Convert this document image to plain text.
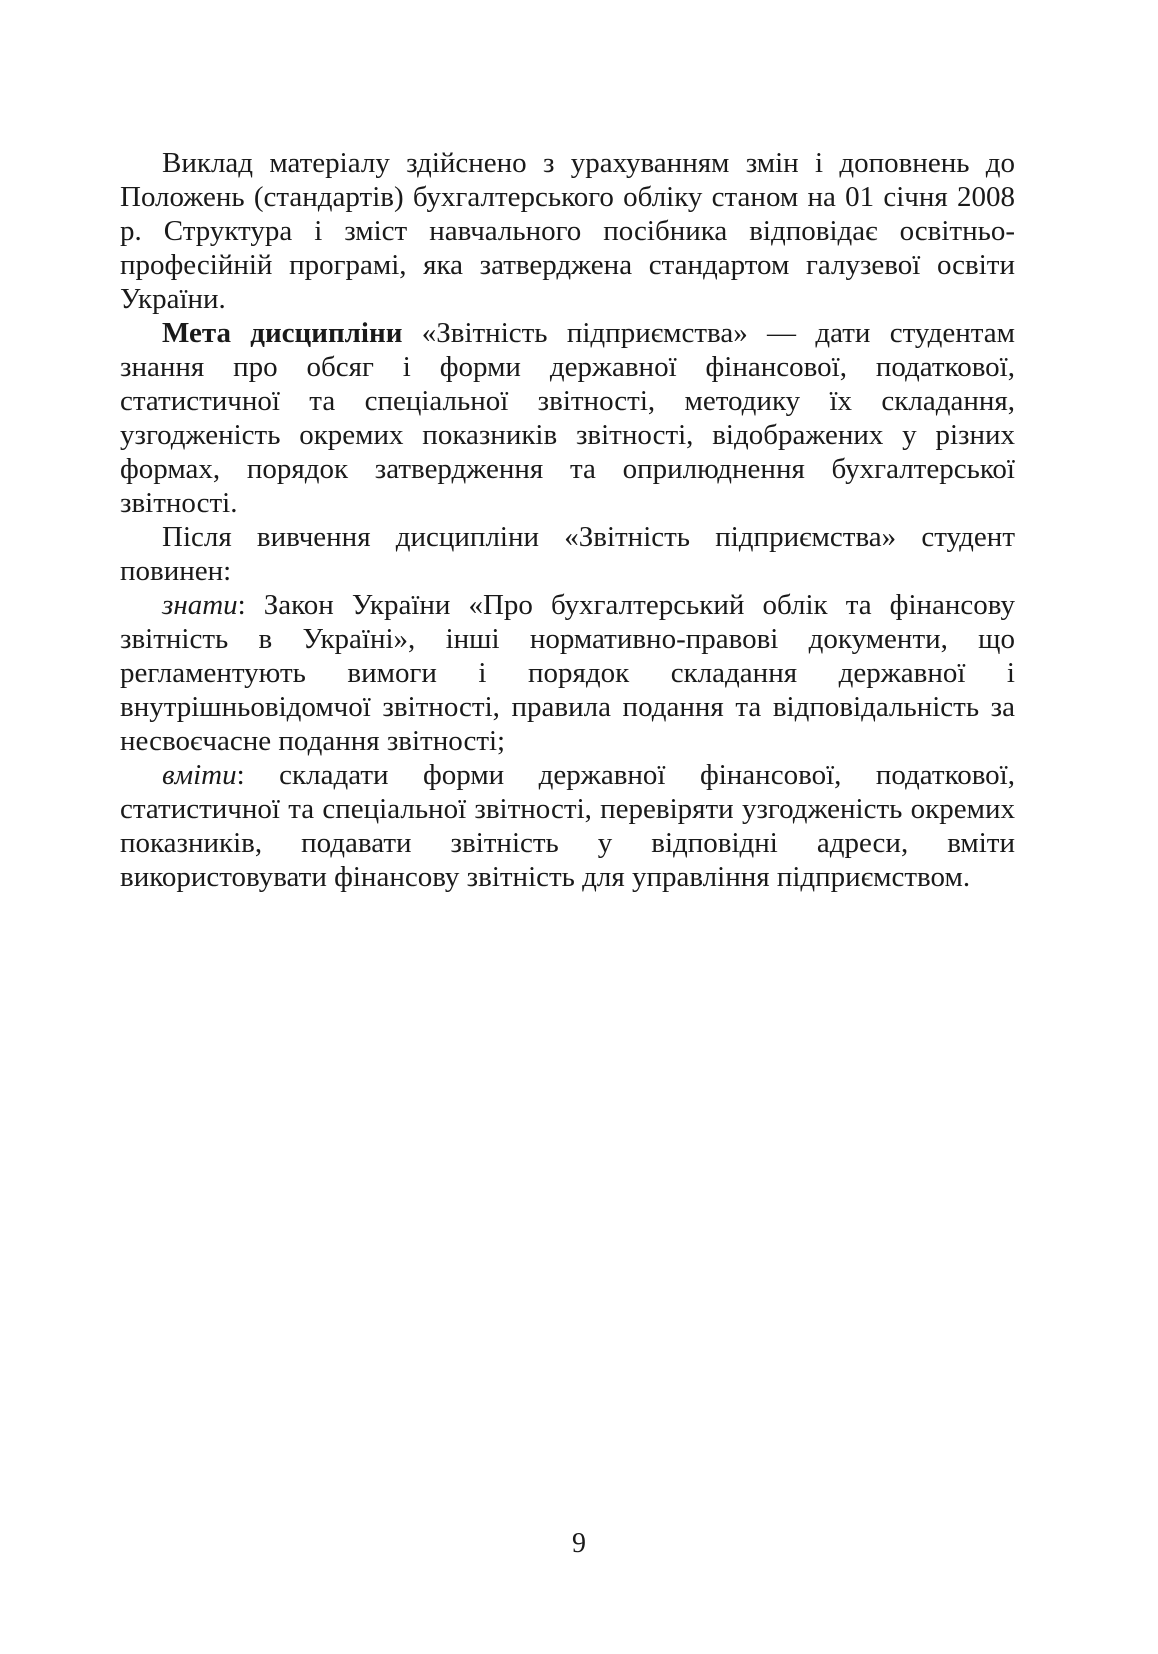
Виклад матеріалу здійснено з урахуванням змін і доповнень до Положень (стандартів) бухгалтерського обліку станом на 01 січня 2008 р. Структура і зміст навчального посібника відповідає освітньо-професійній програмі, яка затверджена стандартом галузевої освіти України.

Мета дисципліни «Звітність підприємства» — дати студентам знання про обсяг і форми державної фінансової, податкової, статистичної та спеціальної звітності, методику їх складання, узгодженість окремих показників звітності, відображених у різних формах, порядок затвердження та оприлюднення бухгалтерської звітності.

Після вивчення дисципліни «Звітність підприємства» студент повинен:

знати: Закон України «Про бухгалтерський облік та фінансову звітність в Україні», інші нормативно-правові документи, що регламентують вимоги і порядок складання державної і внутрішньовідомчої звітності, правила подання та відповідальність за несвоєчасне подання звітності;

вміти: складати форми державної фінансової, податкової, статистичної та спеціальної звітності, перевіряти узгодженість окремих показників, подавати звітність у відповідні адреси, вміти використовувати фінансову звітність для управління підприємством.

9
